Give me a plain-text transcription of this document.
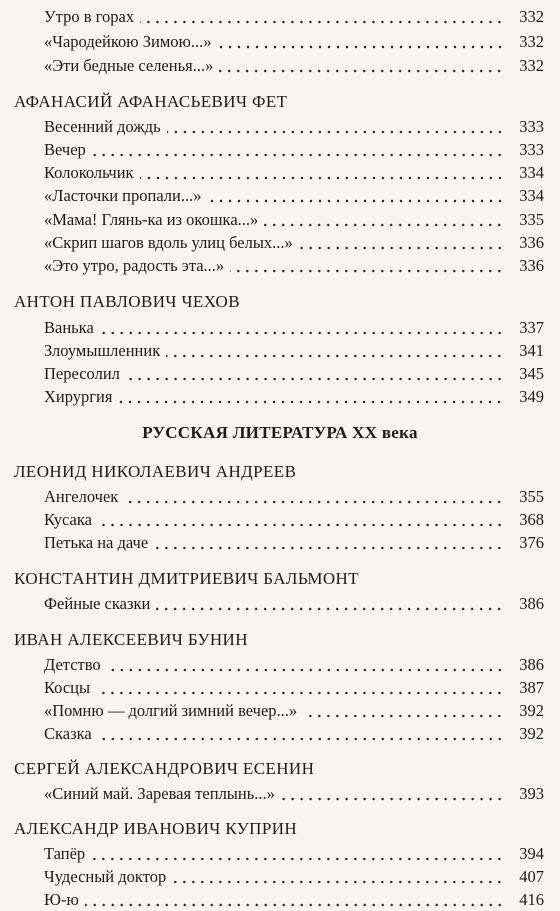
Утро в горах	332
«Чародейкою Зимою...»	332
«Эти бедные селенья...»	332
АФАНАСИЙ АФАНАСЬЕВИЧ ФЕТ
Весенний дождь	333
Вечер	333
Колокольчик	334
«Ласточки пропали...»	334
«Мама! Глянь-ка из окошка...»	335
«Скрип шагов вдоль улиц белых...»	336
«Это утро, радость эта...»	336
АНТОН ПАВЛОВИЧ ЧЕХОВ
Ванька	337
Злоумышленник	341
Пересолил	345
Хирургия	349
РУССКАЯ ЛИТЕРАТУРА XX века
ЛЕОНИД НИКОЛАЕВИЧ АНДРЕЕВ
Ангелочек	355
Кусака	368
Петька на даче	376
КОНСТАНТИН ДМИТРИЕВИЧ БАЛЬМОНТ
Фейные сказки	386
ИВАН АЛЕКСЕЕВИЧ БУНИН
Детство	386
Косцы	387
«Помню — долгий зимний вечер...»	392
Сказка	392
СЕРГЕЙ АЛЕКСАНДРОВИЧ ЕСЕНИН
«Синий май. Заревая теплынь...»	393
АЛЕКСАНДР ИВАНОВИЧ КУПРИН
Тапёр	394
Чудесный доктор	407
Ю-ю	416
